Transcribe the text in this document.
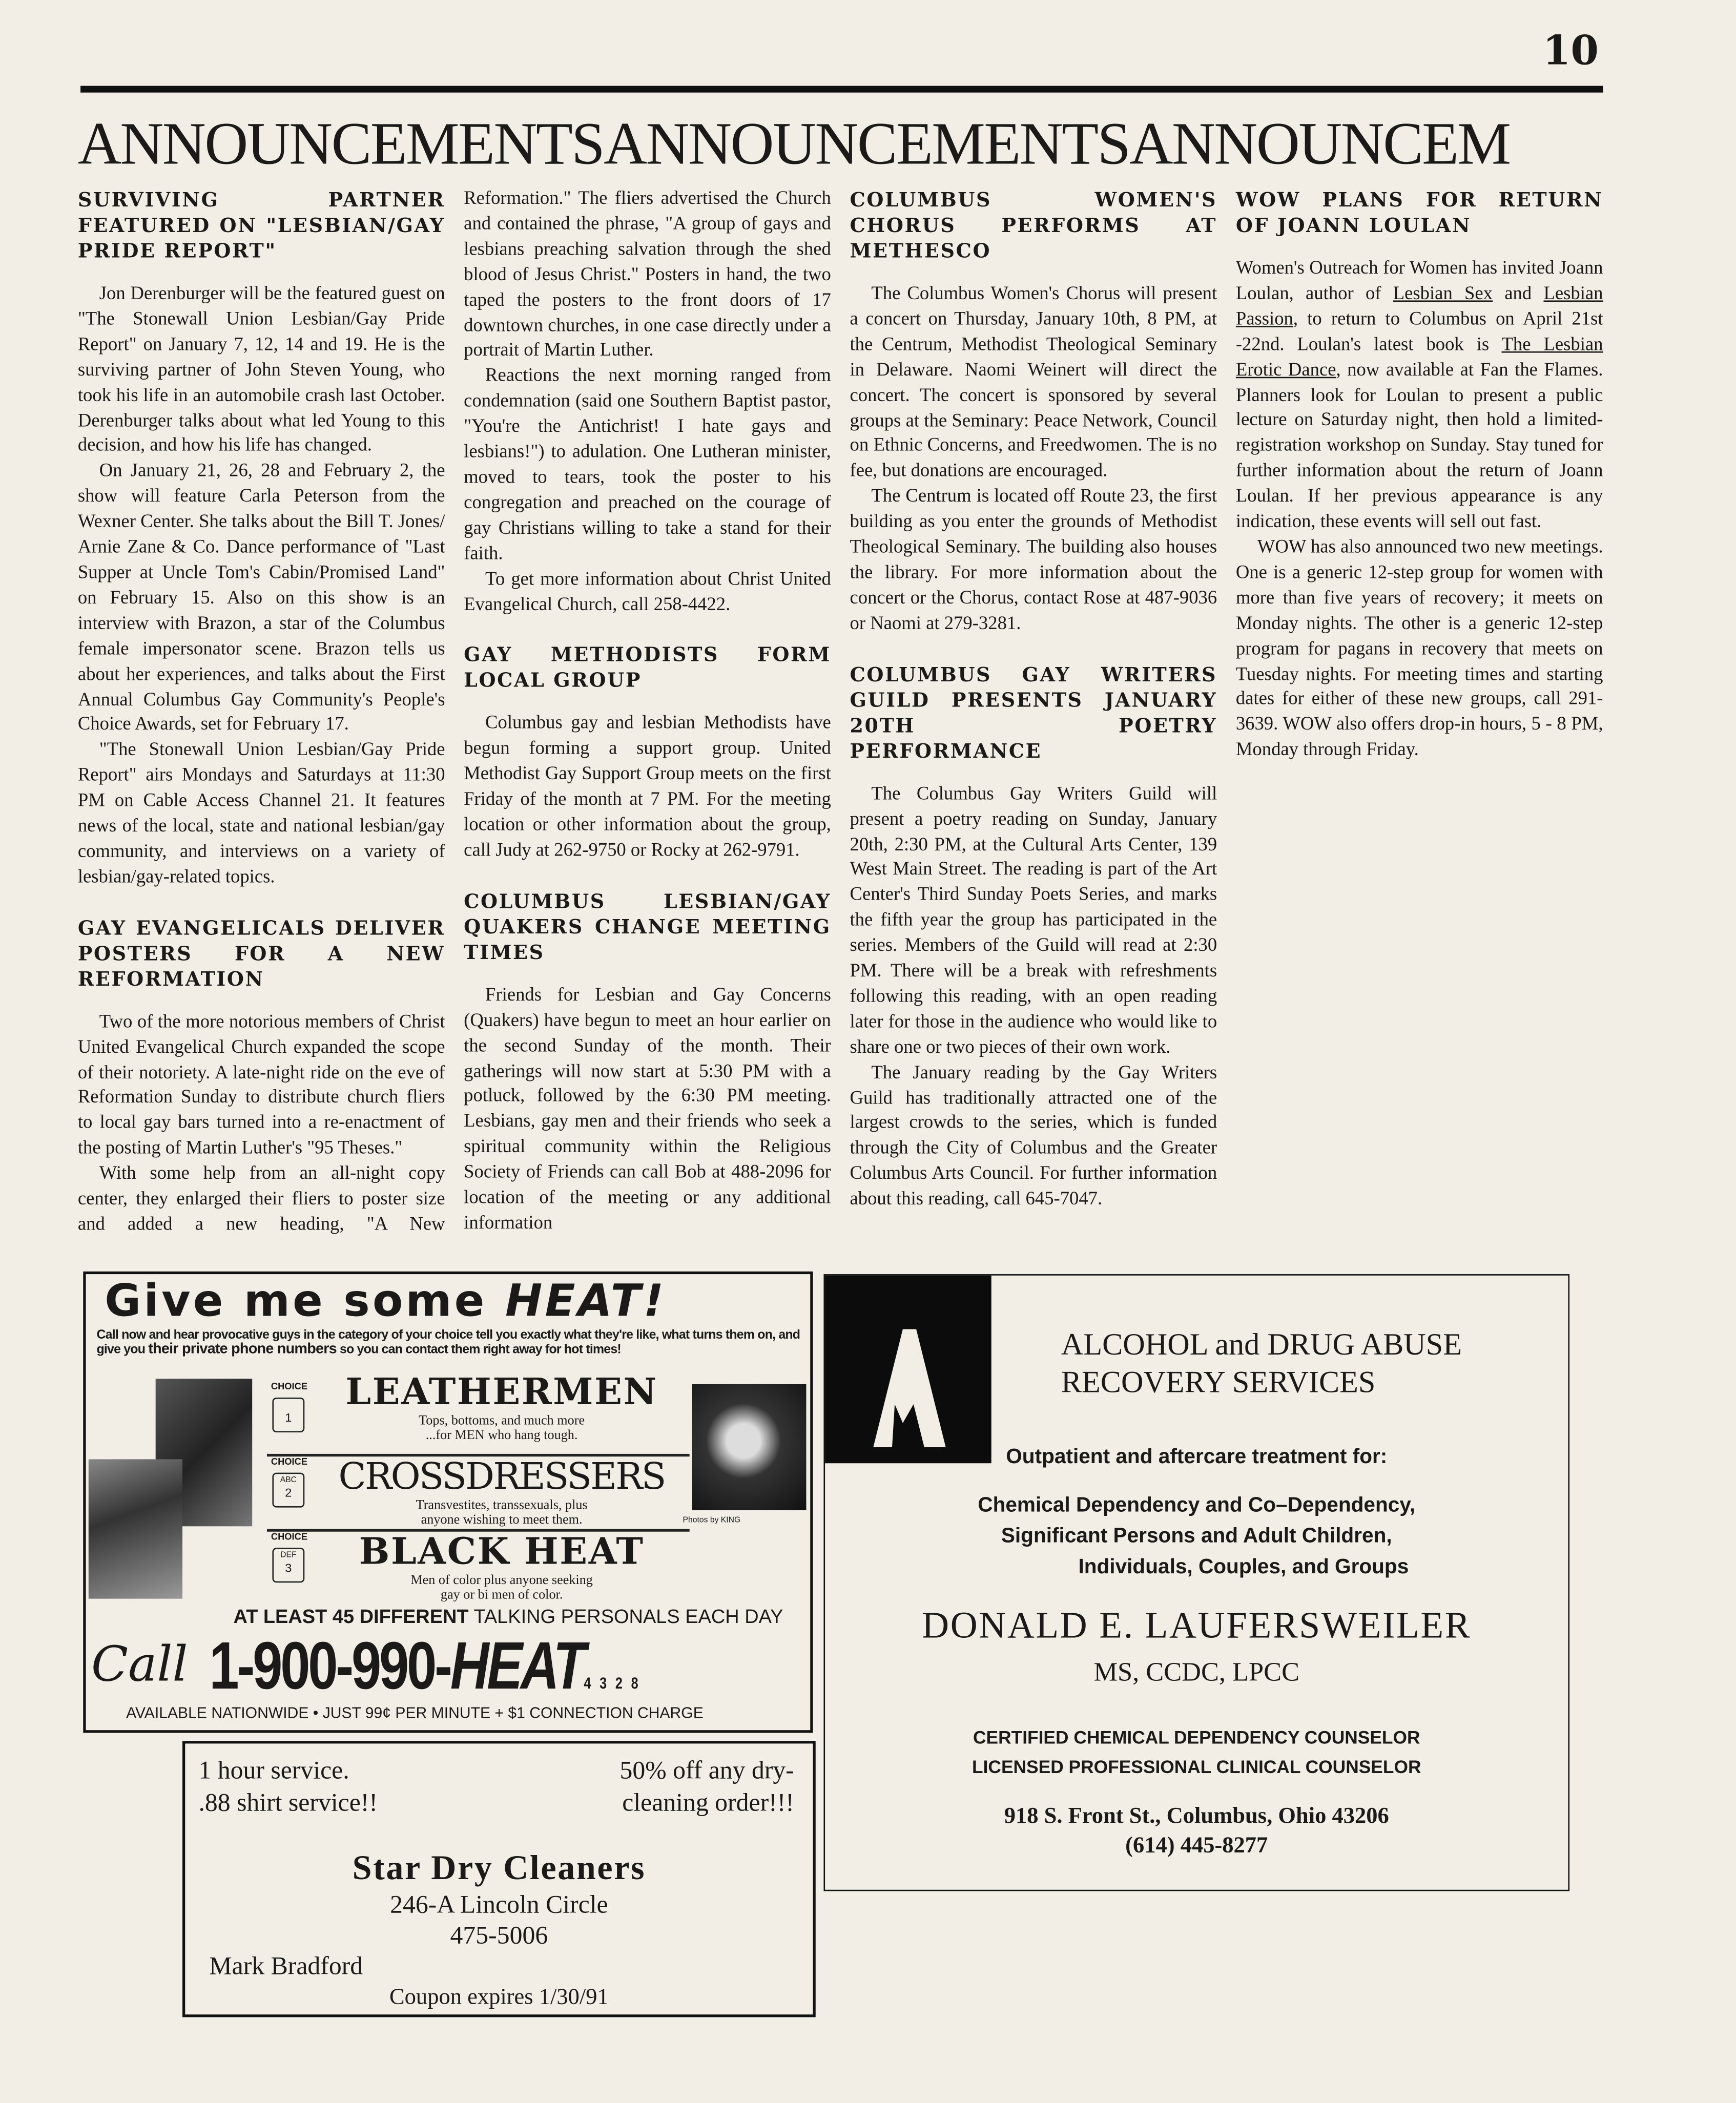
10
ANNOUNCEMENTSANNOUNCEMENTSANNOUNCEM
SURVIVING PARTNER FEATURED ON "LESBIAN/GAY PRIDE REPORT"

Jon Derenburger will be the featured guest on "The Stonewall Union Lesbian/Gay Pride Report" on January 7, 12, 14 and 19. He is the surviving partner of John Steven Young, who took his life in an automobile crash last October. Derenburger talks about what led Young to this decision, and how his life has changed.

On January 21, 26, 28 and February 2, the show will feature Carla Peterson from the Wexner Center. She talks about the Bill T. Jones/ Arnie Zane & Co. Dance performance of "Last Supper at Uncle Tom's Cabin/Promised Land" on February 15. Also on this show is an interview with Brazon, a star of the Columbus female impersonator scene. Brazon tells us about her experiences, and talks about the First Annual Columbus Gay Community's People's Choice Awards, set for February 17.

"The Stonewall Union Lesbian/Gay Pride Report" airs Mondays and Saturdays at 11:30 PM on Cable Access Channel 21. It features news of the local, state and national lesbian/gay community, and interviews on a variety of lesbian/gay-related topics.

GAY EVANGELICALS DELIVER POSTERS FOR A NEW REFORMATION

Two of the more notorious members of Christ United Evangelical Church expanded the scope of their notoriety. A late-night ride on the eve of Reformation Sunday to distribute church fliers to local gay bars turned into a re-enactment of the posting of Martin Luther's "95 Theses."

With some help from an all-night copy center, they enlarged their fliers to poster size and added a new heading, "A New Reformation." The fliers advertised the Church and contained the phrase, "A group of gays and lesbians preaching salvation through the shed blood of Jesus Christ." Posters in hand, the two taped the posters to the front doors of 17 downtown churches, in one case directly under a portrait of Martin Luther.

Reactions the next morning ranged from condemnation (said one Southern Baptist pastor, "You're the Antichrist! I hate gays and lesbians!") to adulation. One Lutheran minister, moved to tears, took the poster to his congregation and preached on the courage of gay Christians willing to take a stand for their faith.

To get more information about Christ United Evangelical Church, call 258-4422.

GAY METHODISTS FORM LOCAL GROUP

Columbus gay and lesbian Methodists have begun forming a support group. United Methodist Gay Support Group meets on the first Friday of the month at 7 PM. For the meeting location or other information about the group, call Judy at 262-9750 or Rocky at 262-9791.

COLUMBUS LESBIAN/GAY QUAKERS CHANGE MEETING TIMES

Friends for Lesbian and Gay Concerns (Quakers) have begun to meet an hour earlier on the second Sunday of the month. Their gatherings will now start at 5:30 PM with a potluck, followed by the 6:30 PM meeting. Lesbians, gay men and their friends who seek a spiritual community within the Religious Society of Friends can call Bob at 488-2096 for location of the meeting or any additional information

COLUMBUS WOMEN'S CHORUS PERFORMS AT METHESCO

The Columbus Women's Chorus will present a concert on Thursday, January 10th, 8 PM, at the Centrum, Methodist Theological Seminary in Delaware. Naomi Weinert will direct the concert. The concert is sponsored by several groups at the Seminary: Peace Network, Council on Ethnic Concerns, and Freedwomen. The is no fee, but donations are encouraged.

The Centrum is located off Route 23, the first building as you enter the grounds of Methodist Theological Seminary. The building also houses the library. For more information about the concert or the Chorus, contact Rose at 487-9036 or Naomi at 279-3281.

COLUMBUS GAY WRITERS GUILD PRESENTS JANUARY 20TH POETRY PERFORMANCE

The Columbus Gay Writers Guild will present a poetry reading on Sunday, January 20th, 2:30 PM, at the Cultural Arts Center, 139 West Main Street. The reading is part of the Art Center's Third Sunday Poets Series, and marks the fifth year the group has participated in the series. Members of the Guild will read at 2:30 PM. There will be a break with refreshments following this reading, with an open reading later for those in the audience who would like to share one or two pieces of their own work.

The January reading by the Gay Writers Guild has traditionally attracted one of the largest crowds to the series, which is funded through the City of Columbus and the Greater Columbus Arts Council. For further information about this reading, call 645-7047.

WOW PLANS FOR RETURN OF JOANN LOULAN

Women's Outreach for Women has invited Joann Loulan, author of Lesbian Sex and Lesbian Passion, to return to Columbus on April 21st -22nd. Loulan's latest book is The Lesbian Erotic Dance, now available at Fan the Flames. Planners look for Loulan to present a public lecture on Saturday night, then hold a limited-registration workshop on Sunday. Stay tuned for further information about the return of Joann Loulan. If her previous appearance is any indication, these events will sell out fast.

WOW has also announced two new meetings. One is a generic 12-step group for women with more than five years of recovery; it meets on Monday nights. The other is a generic 12-step program for pagans in recovery that meets on Tuesday nights. For meeting times and starting dates for either of these new groups, call 291-3639. WOW also offers drop-in hours, 5 - 8 PM, Monday through Friday.

Give me some HEAT!
Call now and hear provocative guys in the category of your choice tell you exactly what they're like, what turns them on, and give you their private phone numbers so you can contact them right away for hot times!
Photos by KING
CHOICE
1
LEATHERMEN
Tops, bottoms, and much more ...for MEN who hang tough.
CHOICE
ABC
2	CROSSDRESSERS
Transvestites, transsexuals, plus anyone wishing to meet them.
CHOICE
DEF
3	BLACK HEAT
Men of color plus anyone seeking gay or bi men of color.
AT LEAST 45 DIFFERENT TALKING PERSONALS EACH DAY
Call 1-900-990-HEAT4328
AVAILABLE NATIONWIDE • JUST 99¢ PER MINUTE + $1 CONNECTION CHARGE
1 hour service.
.88 shirt service!!
50% off any dry-
cleaning order!!!
Star Dry Cleaners
246-A Lincoln Circle
475-5006
Mark Bradford
Coupon expires 1/30/91
ALCOHOL and DRUG ABUSE
RECOVERY SERVICES
Outpatient and aftercare treatment for:
Chemical Dependency and Co–Dependency,
Significant Persons and Adult Children,
Individuals, Couples, and Groups
DONALD E. LAUFERSWEILER
MS, CCDC, LPCC
CERTIFIED CHEMICAL DEPENDENCY COUNSELOR
LICENSED PROFESSIONAL CLINICAL COUNSELOR
918 S. Front St., Columbus, Ohio 43206
(614) 445-8277
